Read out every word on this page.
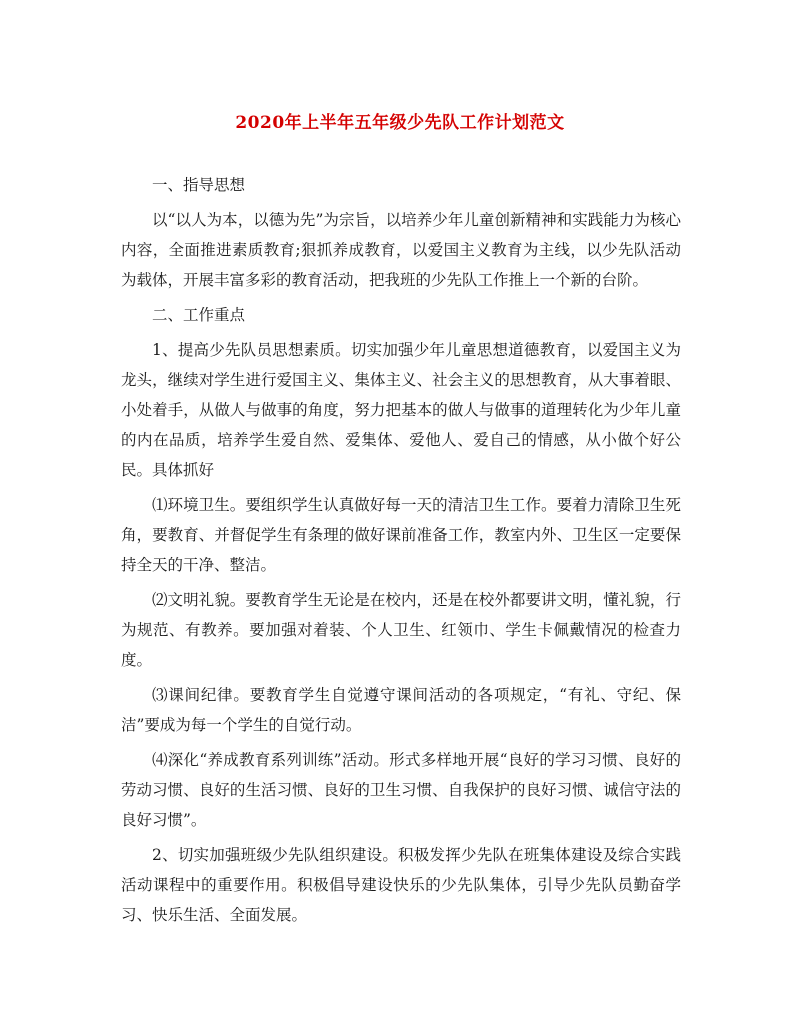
2020年上半年五年级少先队工作计划范文

一、指导思想

以“以人为本，以德为先”为宗旨，以培养少年儿童创新精神和实践能力为核心内容，全面推进素质教育;狠抓养成教育，以爱国主义教育为主线，以少先队活动为载体，开展丰富多彩的教育活动，把我班的少先队工作推上一个新的台阶。

二、工作重点

1、提高少先队员思想素质。切实加强少年儿童思想道德教育，以爱国主义为龙头，继续对学生进行爱国主义、集体主义、社会主义的思想教育，从大事着眼、小处着手，从做人与做事的角度，努力把基本的做人与做事的道理转化为少年儿童的内在品质，培养学生爱自然、爱集体、爱他人、爱自己的情感，从小做个好公民。具体抓好

⑴环境卫生。要组织学生认真做好每一天的清洁卫生工作。要着力清除卫生死角，要教育、并督促学生有条理的做好课前准备工作，教室内外、卫生区一定要保持全天的干净、整洁。

⑵文明礼貌。要教育学生无论是在校内，还是在校外都要讲文明，懂礼貌，行为规范、有教养。要加强对着装、个人卫生、红领巾、学生卡佩戴情况的检查力度。

⑶课间纪律。要教育学生自觉遵守课间活动的各项规定，“有礼、守纪、保洁”要成为每一个学生的自觉行动。

⑷深化“养成教育系列训练”活动。形式多样地开展“良好的学习习惯、良好的劳动习惯、良好的生活习惯、良好的卫生习惯、自我保护的良好习惯、诚信守法的良好习惯”。

2、切实加强班级少先队组织建设。积极发挥少先队在班集体建设及综合实践活动课程中的重要作用。积极倡导建设快乐的少先队集体，引导少先队员勤奋学习、快乐生活、全面发展。
